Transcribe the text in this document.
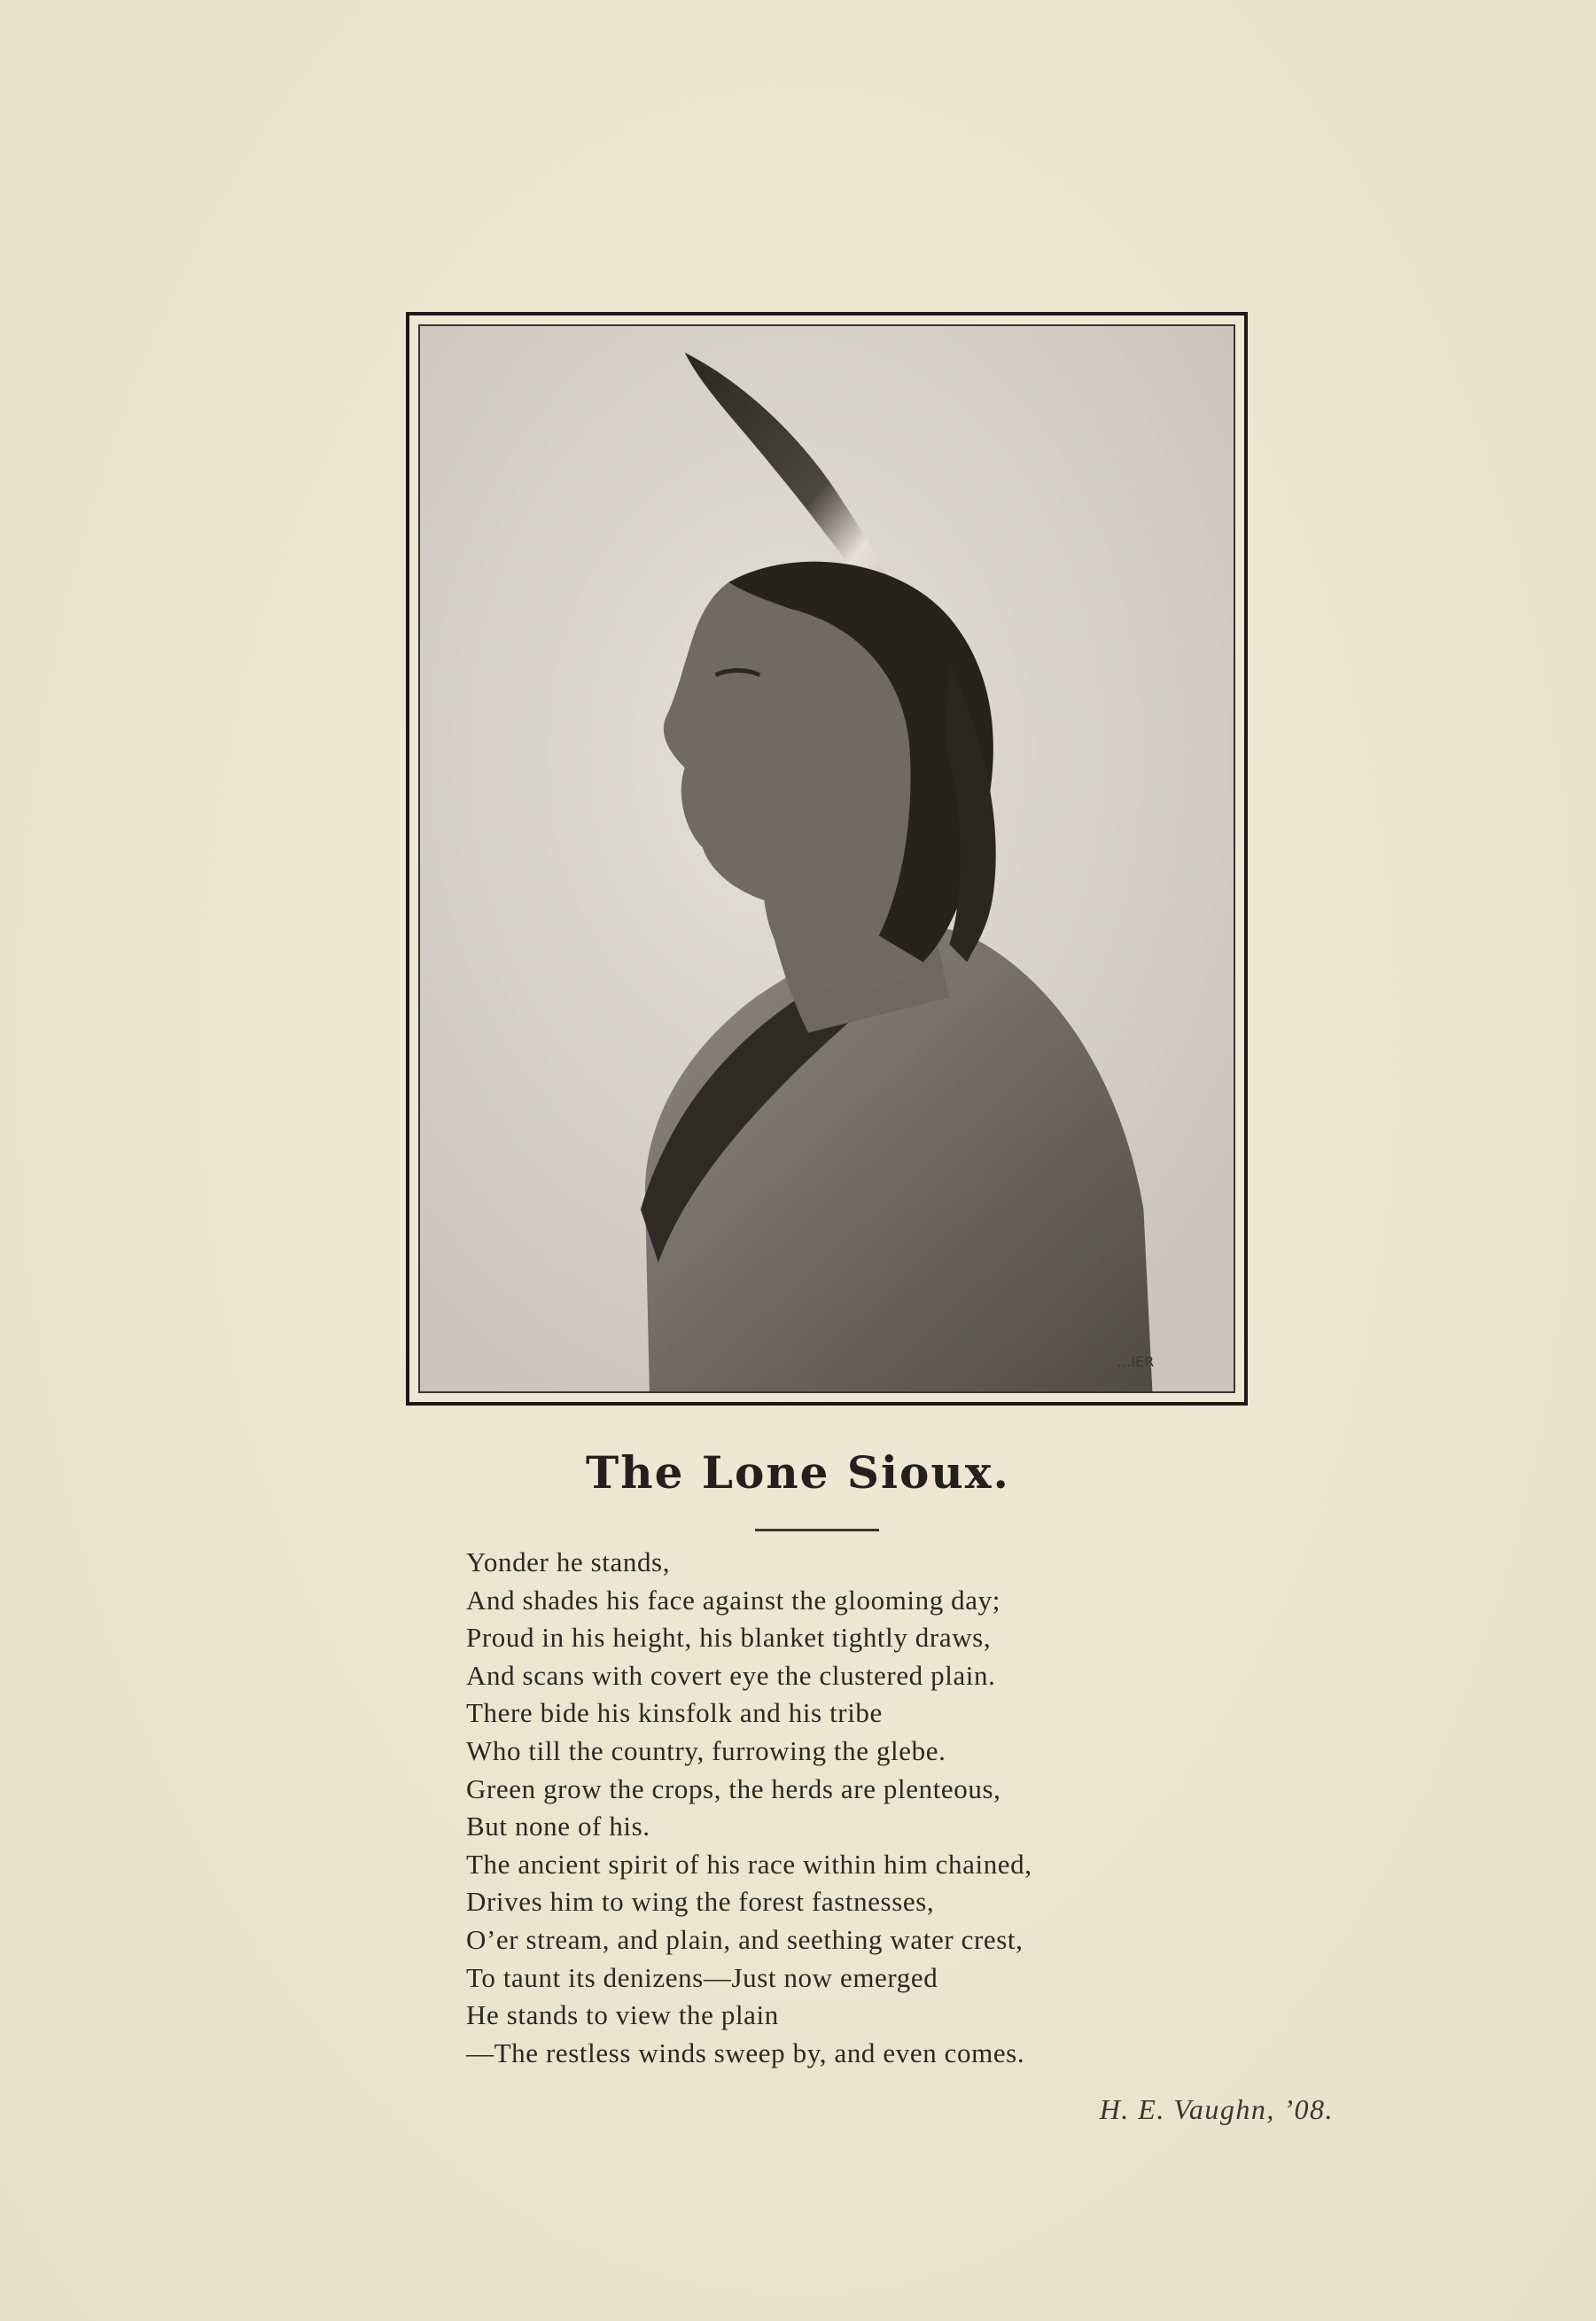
…IER
The Lone Sioux.
Yonder he stands,
And shades his face against the glooming day;
Proud in his height, his blanket tightly draws,
And scans with covert eye the clustered plain.
There bide his kinsfolk and his tribe
Who till the country, furrowing the glebe.
Green grow the crops, the herds are plenteous,
But none of his.
The ancient spirit of his race within him chained,
Drives him to wing the forest fastnesses,
O’er stream, and plain, and seething water crest,
To taunt its denizens—Just now emerged
He stands to view the plain
—The restless winds sweep by, and even comes.
H. E. Vaughn, ’08.
